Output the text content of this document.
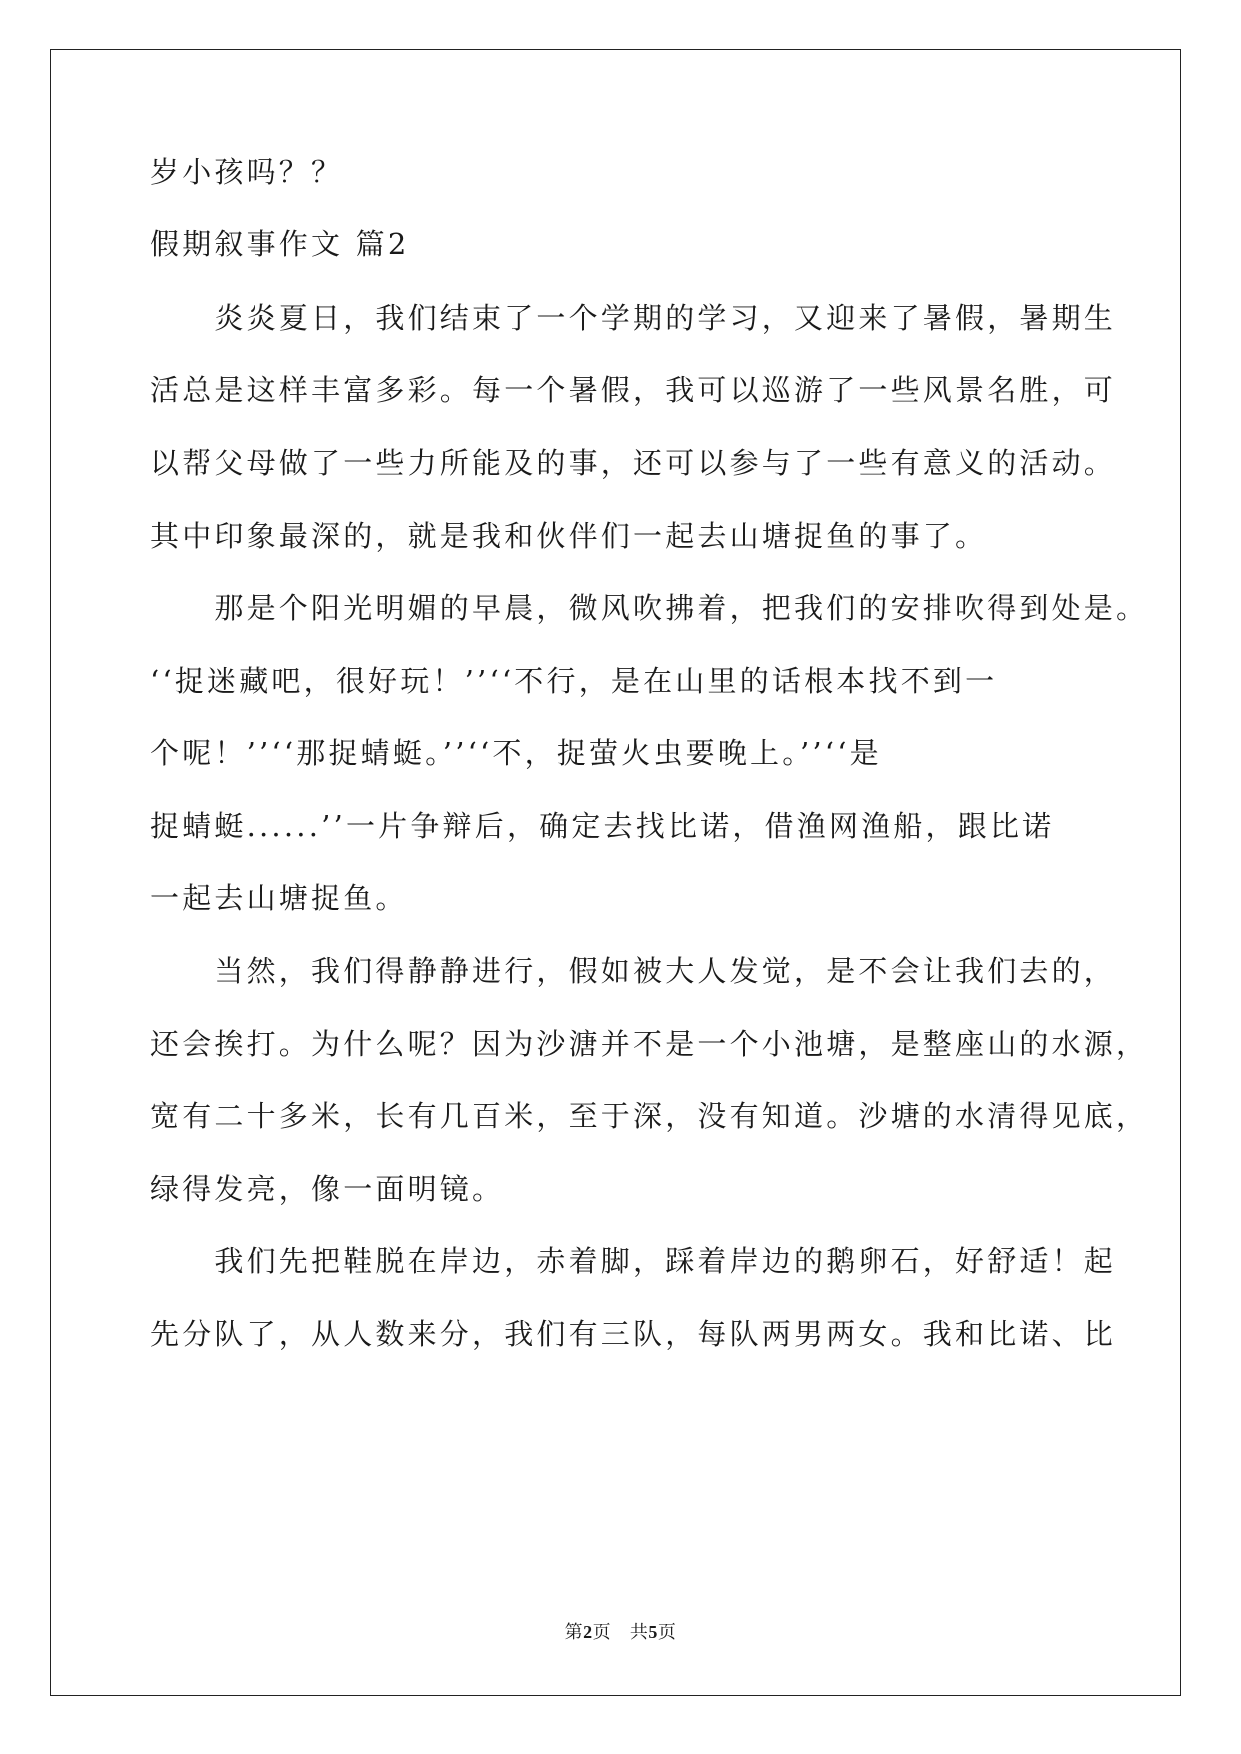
岁小孩吗？？
假期叙事作文 篇2
　　炎炎夏日，我们结束了一个学期的学习，又迎来了暑假，暑期生
活总是这样丰富多彩。每一个暑假，我可以巡游了一些风景名胜，可
以帮父母做了一些力所能及的事，还可以参与了一些有意义的活动。
其中印象最深的，就是我和伙伴们一起去山塘捉鱼的事了。
　　那是个阳光明媚的早晨，微风吹拂着，把我们的安排吹得到处是。
‘‘捉迷藏吧，很好玩！’’‘‘不行，是在山里的话根本找不到一
个呢！’’‘‘那捉蜻蜓。’’‘‘不，捉萤火虫要晚上。’’‘‘是
捉蜻蜓......’’一片争辩后，确定去找比诺，借渔网渔船，跟比诺
一起去山塘捉鱼。
　　当然，我们得静静进行，假如被大人发觉，是不会让我们去的，
还会挨打。为什么呢？因为沙溏并不是一个小池塘，是整座山的水源，
宽有二十多米，长有几百米，至于深，没有知道。沙塘的水清得见底，
绿得发亮，像一面明镜。
　　我们先把鞋脱在岸边，赤着脚，踩着岸边的鹅卵石，好舒适！起
先分队了，从人数来分，我们有三队，每队两男两女。我和比诺、比
第2页 共5页
